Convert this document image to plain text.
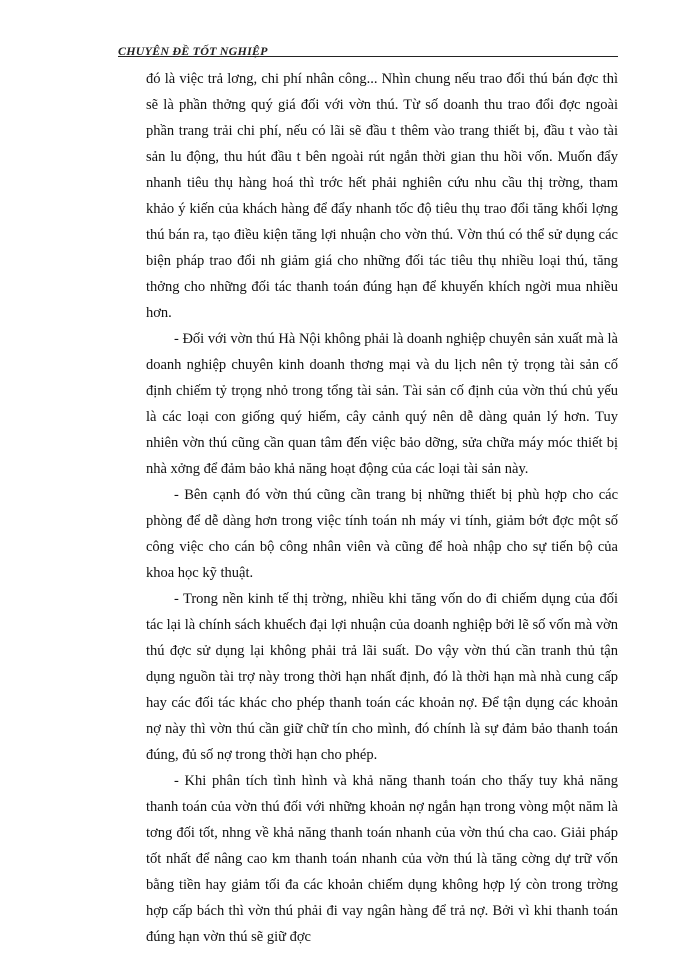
CHUYÊN ĐỀ TỐT NGHIỆP

đó là việc trả lơng, chi phí nhân công... Nhìn chung nếu trao đổi thú bán đợc thì sẽ là phần thởng quý giá đối với vờn thú. Từ số doanh thu trao đổi đợc ngoài phần trang trải chi phí, nếu có lãi sẽ đầu t thêm vào trang thiết bị, đầu t vào tài sản lu động, thu hút đầu t bên ngoài rút ngắn thời gian thu hồi vốn. Muốn đẩy nhanh tiêu thụ hàng hoá thì trớc hết phải nghiên cứu nhu cầu thị trờng, tham khảo ý kiến của khách hàng để đẩy nhanh tốc độ tiêu thụ trao đổi tăng khối lợng thú bán ra, tạo điều kiện tăng lợi nhuận cho vờn thú. Vờn thú có thể sử dụng các biện pháp trao đổi nh giảm giá cho những đối tác tiêu thụ nhiều loại thú, tăng thởng cho những đối tác thanh toán đúng hạn để khuyến khích ngời mua nhiều hơn.

- Đối với vờn thú Hà Nội không phải là doanh nghiệp chuyên sản xuất mà là doanh nghiệp chuyên kinh doanh thơng mại và du lịch nên tỷ trọng tài sản cố định chiếm tỷ trọng nhỏ trong tổng tài sản. Tài sản cố định của vờn thú chủ yếu là các loại con giống quý hiếm, cây cảnh quý nên dễ dàng quản lý hơn. Tuy nhiên vờn thú cũng cần quan tâm đến việc bảo dỡng, sửa chữa máy móc thiết bị nhà xởng để đảm bảo khả năng hoạt động của các loại tài sản này.

- Bên cạnh đó vờn thú cũng cần trang bị những thiết bị phù hợp cho các phòng để dễ dàng hơn trong việc tính toán nh máy vi tính, giảm bớt đợc một số công việc cho cán bộ công nhân viên và cũng để hoà nhập cho sự tiến bộ của khoa học kỹ thuật.

- Trong nền kinh tế thị trờng, nhiều khi tăng vốn do đi chiếm dụng của đối tác lại là chính sách khuếch đại lợi nhuận của doanh nghiệp bởi lẽ số vốn mà vờn thú đợc sử dụng lại không phải trả lãi suất. Do vậy vờn thú cần tranh thủ tận dụng nguồn tài trợ này trong thời hạn nhất định, đó là thời hạn mà nhà cung cấp hay các đối tác khác cho phép thanh toán các khoản nợ. Để tận dụng các khoản nợ này thì vờn thú cần giữ chữ tín cho mình, đó chính là sự đảm bảo thanh toán đúng, đủ số nợ trong thời hạn cho phép.

- Khi phân tích tình hình và khả năng thanh toán cho thấy tuy khả năng thanh toán của vờn thú đối với những khoản nợ ngắn hạn trong vòng một năm là tơng đối tốt, nhng về khả năng thanh toán nhanh của vờn thú cha cao. Giải pháp tốt nhất để nâng cao km thanh toán nhanh của vờn thú là tăng cờng dự trữ vốn bằng tiền hay giảm tối đa các khoản chiếm dụng không hợp lý còn trong trờng hợp cấp bách thì vờn thú phải đi vay ngân hàng để trả nợ. Bởi vì khi thanh toán đúng hạn vờn thú sẽ giữ đợc
